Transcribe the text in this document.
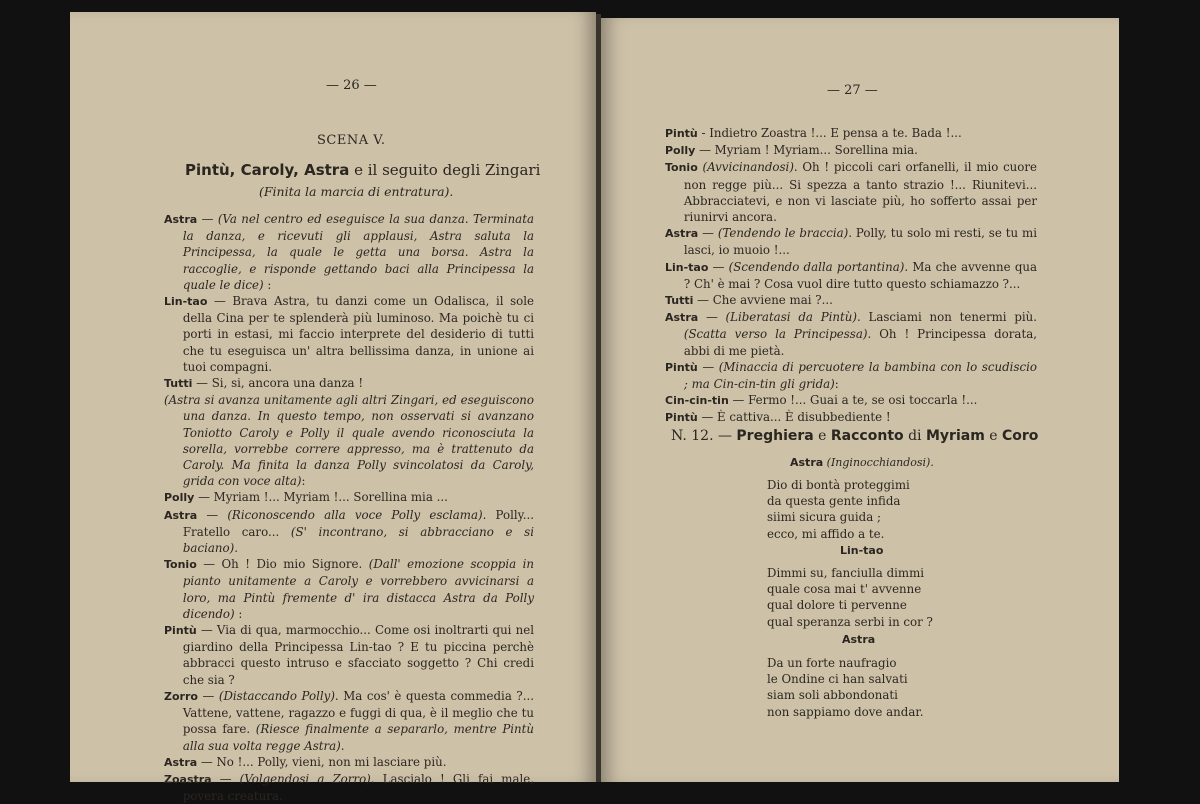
— 26 —
SCENA V.
Pintù, Caroly, Astra e il seguito degli Zingari
(Finita la marcia di entratura).

Astra — (Va nel centro ed eseguisce la sua danza. Terminata la danza, e ricevuti gli applausi, Astra saluta la Principessa, la quale le getta una borsa. Astra la raccoglie, e risponde gettando baci alla Principessa la quale le dice) :

Lin-tao — Brava Astra, tu danzi come un Odalisca, il sole della Cina per te splenderà più luminoso. Ma poichè tu ci porti in estasi, mi faccio interprete del desiderio di tutti che tu eseguisca un' altra bellissima danza, in unione ai tuoi compagni.

Tutti — Si, si, ancora una danza !

(Astra si avanza unitamente agli altri Zingari, ed eseguiscono una danza. In questo tempo, non osservati si avanzano Toniotto Caroly e Polly il quale avendo riconosciuta la sorella, vorrebbe correre appresso, ma è trattenuto da Caroly. Ma finita la danza Polly svincolatosi da Caroly, grida con voce alta):

Polly — Myriam !... Myriam !... Sorellina mia ...

Astra — (Riconoscendo alla voce Polly esclama). Polly... Fratello caro... (S' incontrano, si abbracciano e si baciano).

Tonio — Oh ! Dio mio Signore. (Dall' emozione scoppia in pianto unitamente a Caroly e vorrebbero avvicinarsi a loro, ma Pintù fremente d' ira distacca Astra da Polly dicendo) :

Pintù — Via di qua, marmocchio... Come osi inoltrarti qui nel giardino della Principessa Lin-tao ? E tu piccina perchè abbracci questo intruso e sfacciato soggetto ? Chi credi che sia ?

Zorro — (Distaccando Polly). Ma cos' è questa commedia ?... Vattene, vattene, ragazzo e fuggi di qua, è il meglio che tu possa fare. (Riesce finalmente a separarlo, mentre Pintù alla sua volta regge Astra).

Astra — No !... Polly, vieni, non mi lasciare più.

Zoastra — (Volgendosi a Zorro). Lascialo ! Gli fai male, povera creatura.

— 27 —

Pintù - Indietro Zoastra !... E pensa a te. Bada !...

Polly — Myriam ! Myriam... Sorellina mia.

Tonio (Avvicinandosi). Oh ! piccoli cari orfanelli, il mio cuore non regge più... Si spezza a tanto strazio !... Riunitevi... Abbracciatevi, e non vi lasciate più, ho sofferto assai per riunirvi ancora.

Astra — (Tendendo le braccia). Polly, tu solo mi resti, se tu mi lasci, io muoio !...

Lin-tao — (Scendendo dalla portantina). Ma che avvenne qua ? Ch' è mai ? Cosa vuol dire tutto questo schiamazzo ?...

Tutti — Che avviene mai ?...

Astra — (Liberatasi da Pintù). Lasciami non tenermi più. (Scatta verso la Principessa). Oh ! Principessa dorata, abbi di me pietà.

Pintù — (Minaccia di percuotere la bambina con lo scudiscio ; ma Cin-cin-tin gli grida):

Cin-cin-tin — Fermo !... Guai a te, se osi toccarla !...

Pintù — È cattiva... È disubbediente !

N. 12. — Preghiera e Racconto di Myriam e Coro
Astra (Inginocchiandosi).
Dio di bontà proteggimi
da questa gente infida
siimi sicura guida ;
ecco, mi affido a te.
Lin-tao
Dimmi su, fanciulla dimmi
quale cosa mai t' avvenne
qual dolore ti pervenne
qual speranza serbi in cor ?
Astra
Da un forte naufragio
le Ondine ci han salvati
siam soli abbondonati
non sappiamo dove andar.
